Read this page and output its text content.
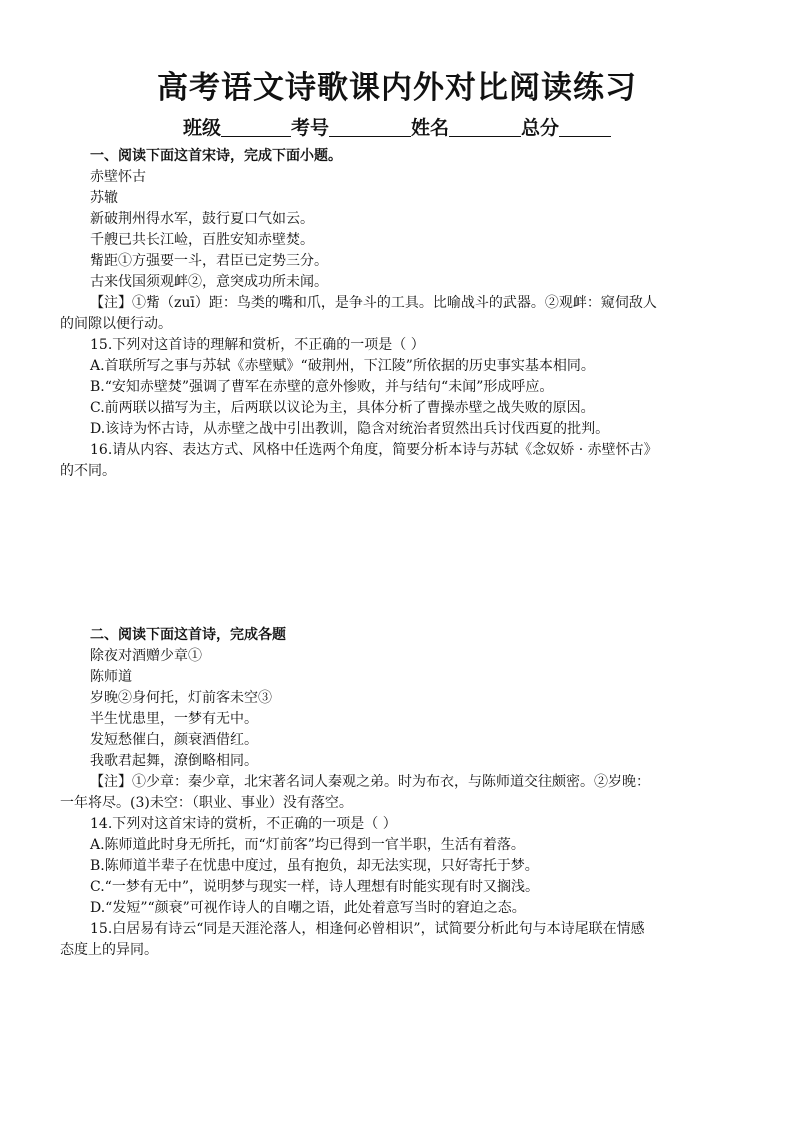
高考语文诗歌课内外对比阅读练习
班级	考号	姓名	总分
一、阅读下面这首宋诗，完成下面小题。
赤壁怀古
苏辙
新破荆州得水军，鼓行夏口气如云。
千艘已共长江崄，百胜安知赤壁焚。
觜距①方强要一斗，君臣已定势三分。
古来伐国须观衅②，意突成功所未闻。
【注】①觜（zuī）距：鸟类的嘴和爪，是争斗的工具。比喻战斗的武器。②观衅：窥伺敌人
的间隙以便行动。
15.下列对这首诗的理解和赏析，不正确的一项是（ ）
A.首联所写之事与苏轼《赤壁赋》“破荆州，下江陵”所依据的历史事实基本相同。
B.“安知赤壁焚”强调了曹军在赤壁的意外惨败，并与结句“未闻”形成呼应。
C.前两联以描写为主，后两联以议论为主，具体分析了曹操赤壁之战失败的原因。
D.该诗为怀古诗，从赤壁之战中引出教训，隐含对统治者贸然出兵讨伐西夏的批判。
16.请从内容、表达方式、风格中任选两个角度，简要分析本诗与苏轼《念奴娇 · 赤壁怀古》
的不同。
二、阅读下面这首诗，完成各题
除夜对酒赠少章①
陈师道
岁晚②身何托，灯前客未空③
半生忧患里，一梦有无中。
发短愁催白，颜衰酒借红。
我歌君起舞，潦倒略相同。
【注】①少章：秦少章，北宋著名词人秦观之弟。时为布衣，与陈师道交往颇密。②岁晚：
一年将尽。(3)未空：（职业、事业）没有落空。
14.下列对这首宋诗的赏析，不正确的一项是（ ）
A.陈师道此时身无所托，而“灯前客”均已得到一官半职，生活有着落。
B.陈师道半辈子在忧患中度过，虽有抱负，却无法实现，只好寄托于梦。
C.“一梦有无中”，说明梦与现实一样，诗人理想有时能实现有时又搁浅。
D.“发短”“颜衰”可视作诗人的自嘲之语，此处着意写当时的窘迫之态。
15.白居易有诗云“同是天涯沦落人，相逢何必曾相识”，试简要分析此句与本诗尾联在情感
态度上的异同。
